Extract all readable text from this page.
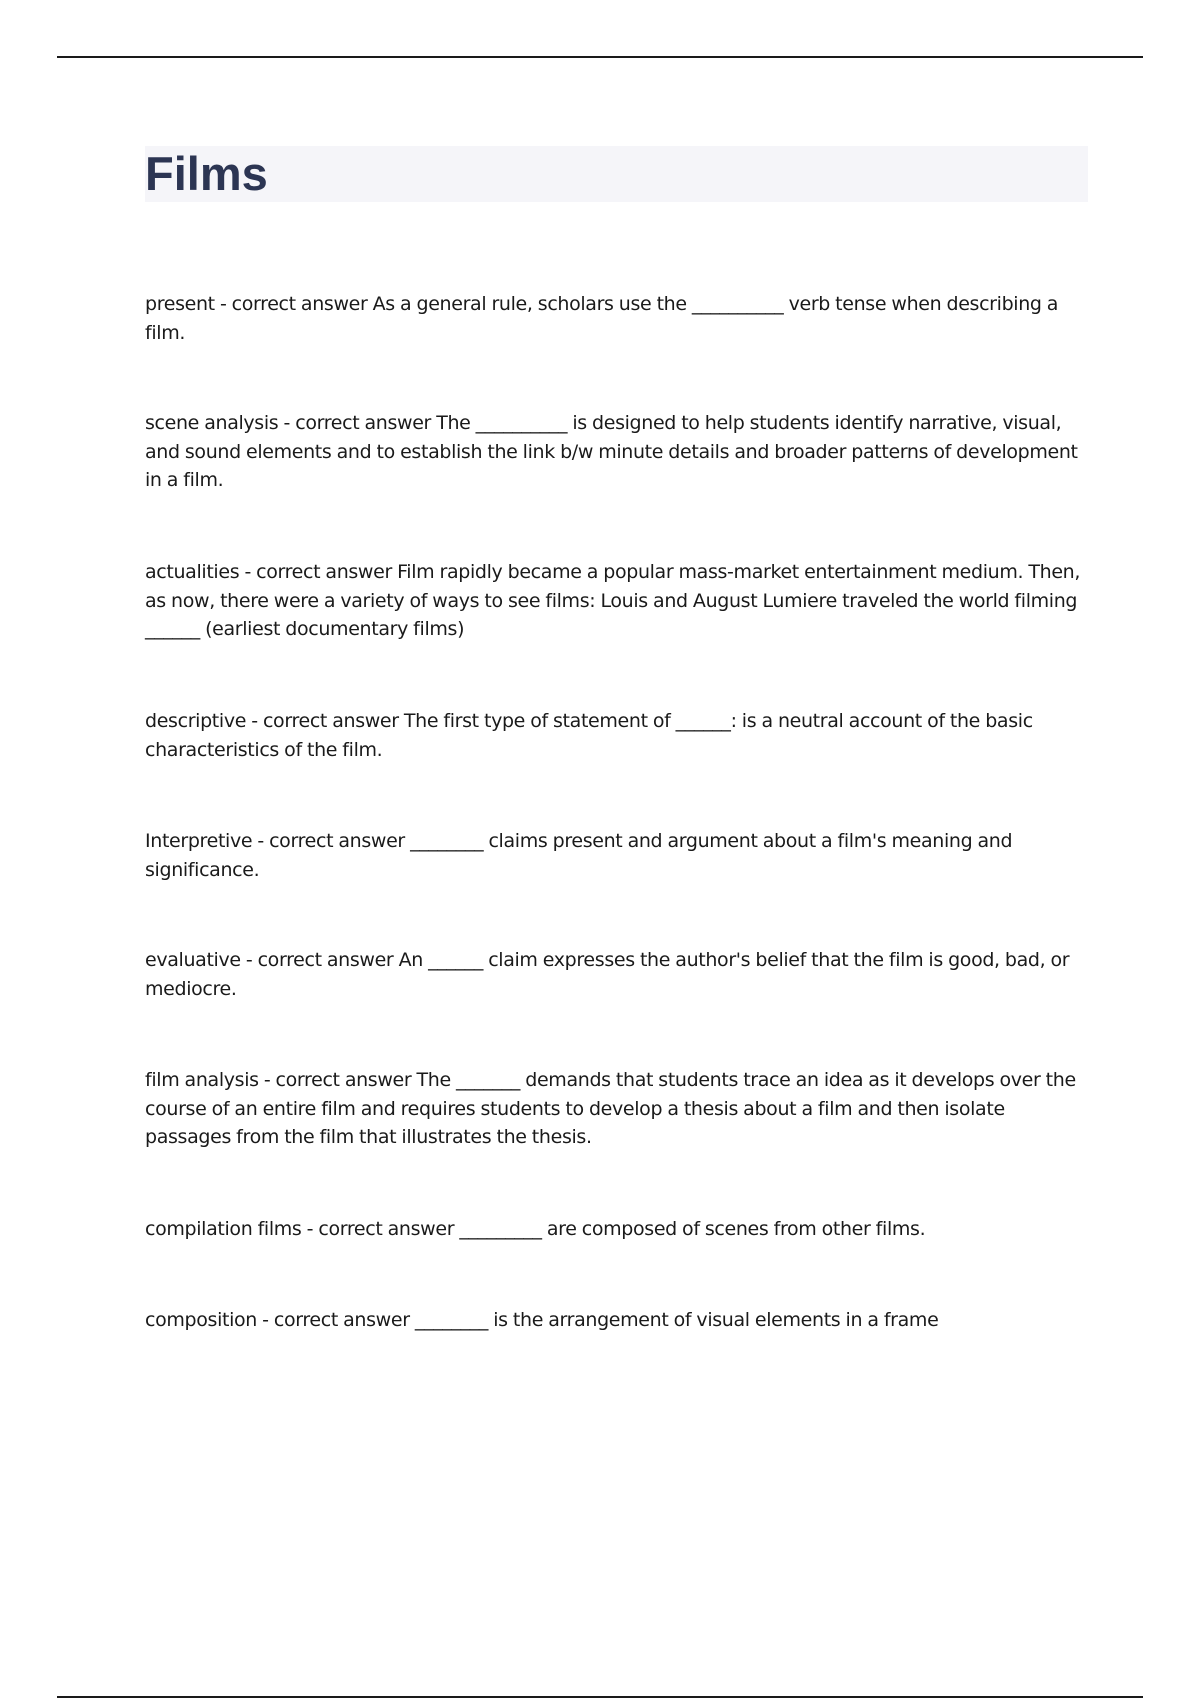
Films

present - correct answer As a general rule, scholars use the __________ verb tense when describing a film.

scene analysis - correct answer The __________ is designed to help students identify narrative, visual, and sound elements and to establish the link b/w minute details and broader patterns of development in a film.

actualities - correct answer Film rapidly became a popular mass-market entertainment medium. Then, as now, there were a variety of ways to see films: Louis and August Lumiere traveled the world filming ______ (earliest documentary films)

descriptive - correct answer The first type of statement of ______: is a neutral account of the basic characteristics of the film.

Interpretive - correct answer ________ claims present and argument about a film's meaning and significance.

evaluative - correct answer An ______ claim expresses the author's belief that the film is good, bad, or mediocre.

film analysis - correct answer The _______ demands that students trace an idea as it develops over the course of an entire film and requires students to develop a thesis about a film and then isolate passages from the film that illustrates the thesis.

compilation films - correct answer _________ are composed of scenes from other films.

composition - correct answer ________ is the arrangement of visual elements in a frame
